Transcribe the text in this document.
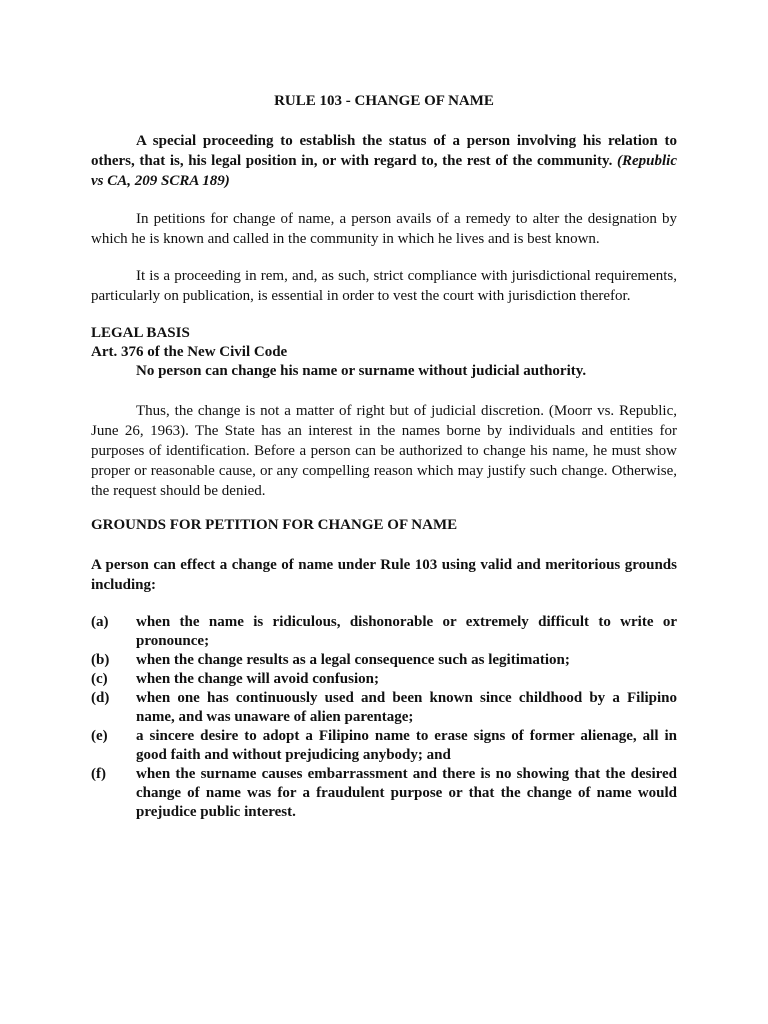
RULE 103 - CHANGE OF NAME

A special proceeding to establish the status of a person involving his relation to others, that is, his legal position in, or with regard to, the rest of the community. (Republic vs CA, 209 SCRA 189)

In petitions for change of name, a person avails of a remedy to alter the designation by which he is known and called in the community in which he lives and is best known.

It is a proceeding in rem, and, as such, strict compliance with jurisdictional requirements, particularly on publication, is essential in order to vest the court with jurisdiction therefor.

LEGAL BASIS
Art. 376 of the New Civil Code

No person can change his name or surname without judicial authority.

Thus, the change is not a matter of right but of judicial discretion. (Moorr vs. Republic, June 26, 1963). The State has an interest in the names borne by individuals and entities for purposes of identification. Before a person can be authorized to change his name, he must show proper or reasonable cause, or any compelling reason which may justify such change. Otherwise, the request should be denied.

GROUNDS FOR PETITION FOR CHANGE OF NAME

A person can effect a change of name under Rule 103 using valid and meritorious grounds including:

(a) when the name is ridiculous, dishonorable or extremely difficult to write or pronounce;
(b) when the change results as a legal consequence such as legitimation;
(c) when the change will avoid confusion;
(d) when one has continuously used and been known since childhood by a Filipino name, and was unaware of alien parentage;
(e) a sincere desire to adopt a Filipino name to erase signs of former alienage, all in good faith and without prejudicing anybody; and
(f) when the surname causes embarrassment and there is no showing that the desired change of name was for a fraudulent purpose or that the change of name would prejudice public interest.
